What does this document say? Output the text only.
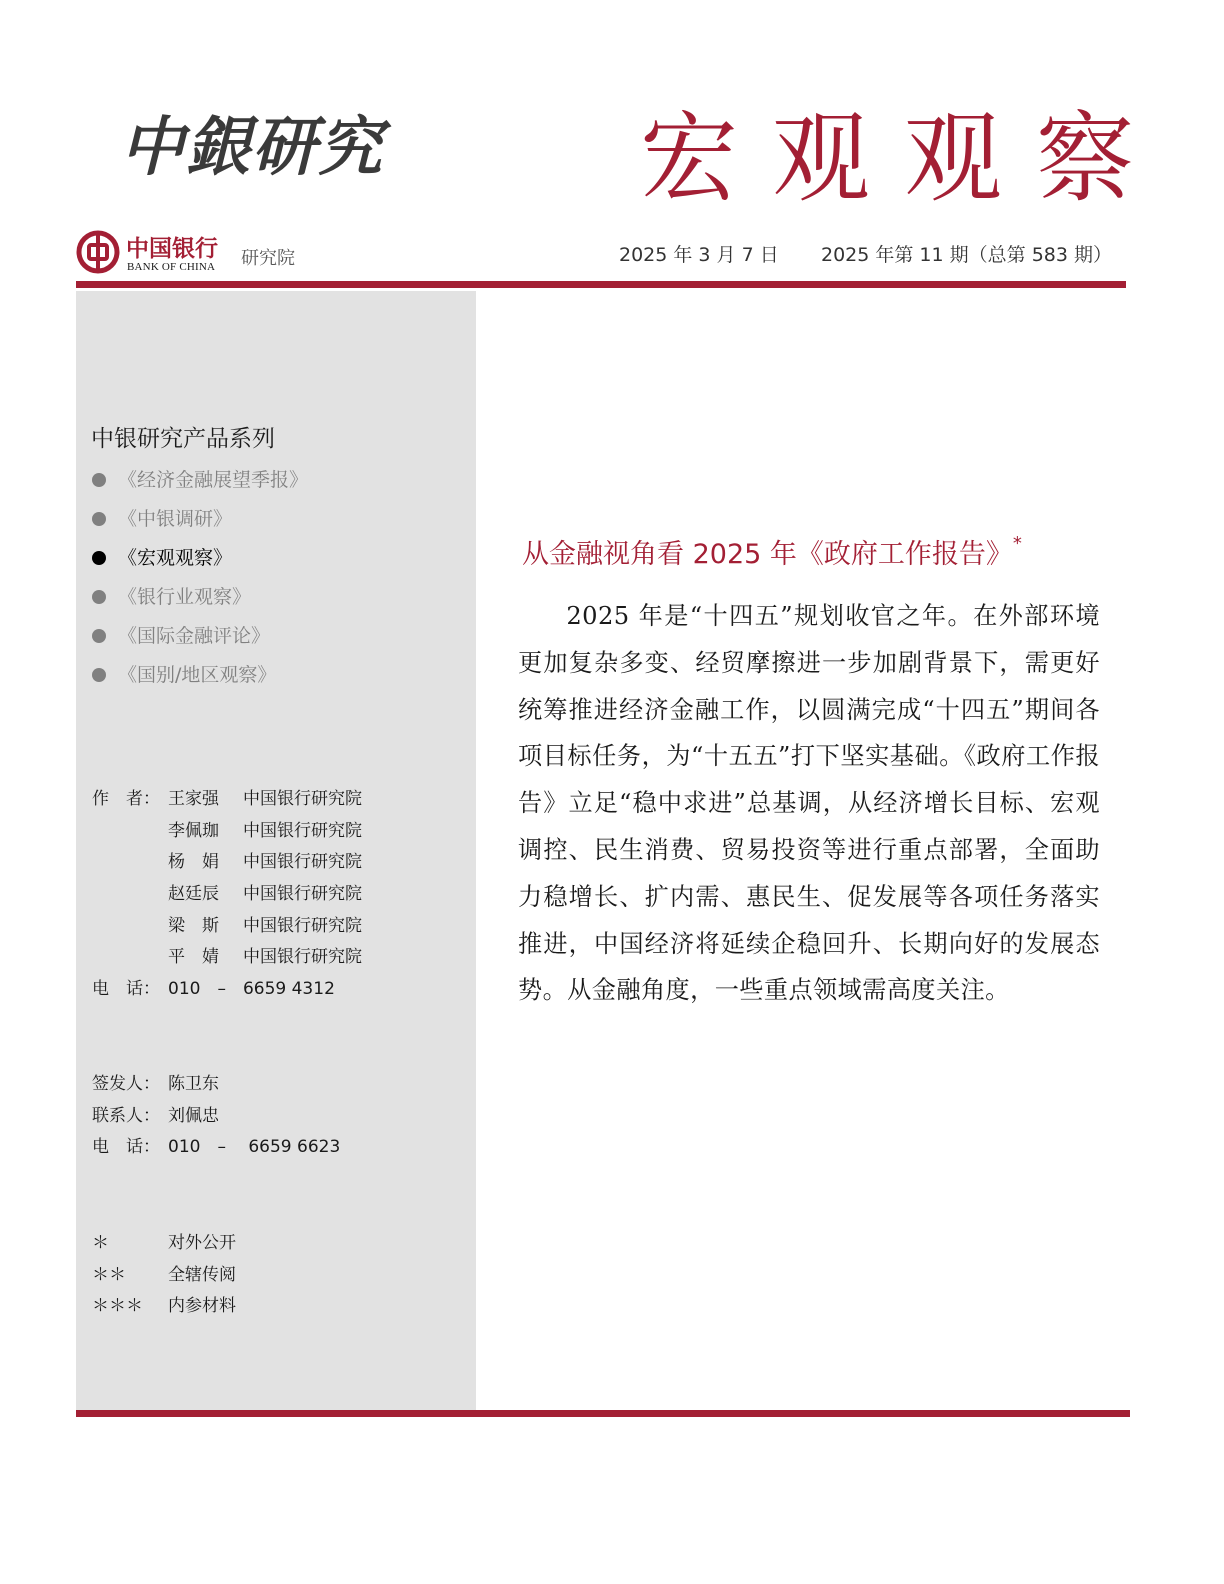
中銀研究	宏观观察
中国银行
BANK OF CHINA 研究院	2025 年 3 月 7 日 2025 年第 11 期（总第 583 期）
中银研究产品系列
《经济金融展望季报》
《中银调研》
《宏观观察》
《银行业观察》
《国际金融评论》
《国别/地区观察》
作　者： 王家强 中国银行研究院
李佩珈 中国银行研究院
杨　娟 中国银行研究院
赵廷辰 中国银行研究院
梁　斯 中国银行研究院
平　婧 中国银行研究院
电　话： 010　–　6659 4312
签发人： 陈卫东
联系人： 刘佩忠
电　话： 010　–　 6659 6623
＊	对外公开
＊＊ 全辖传阅
＊＊＊ 内参材料
从金融视角看 2025 年《政府工作报告》*

2025 年是“十四五”规划收官之年。在外部环境更加复杂多变、经贸摩擦进一步加剧背景下，需更好统筹推进经济金融工作，以圆满完成“十四五”期间各项目标任务，为“十五五”打下坚实基础。《政府工作报告》立足“稳中求进”总基调，从经济增长目标、宏观调控、民生消费、贸易投资等进行重点部署，全面助力稳增长、扩内需、惠民生、促发展等各项任务落实推进，中国经济将延续企稳回升、长期向好的发展态势。从金融角度，一些重点领域需高度关注。
